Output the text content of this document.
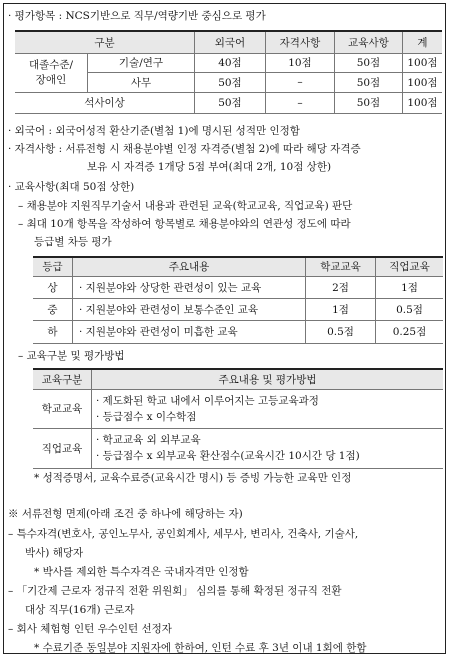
· 평가항목 : NCS기반으로 직무/역량기반 중심으로 평가
구분		외국어	자격사항	교육사항	계
대졸수준/
장애인	기술/연구	40점	10점	50점	100점
	사무	50점	–	50점	100점
석사이상		50점	–	50점	100점
· 외국어 : 외국어성적 환산기준(별첨 1)에 명시된 성적만 인정함
· 자격사항 : 서류전형 시 채용분야별 인정 자격증(별첨 2)에 따라 해당 자격증
보유 시 자격증 1개당 5점 부여(최대 2개, 10점 상한)
· 교육사항(최대 50점 상한)
– 채용분야 지원직무기술서 내용과 관련된 교육(학교교육, 직업교육) 판단
– 최대 10개 항목을 작성하여 항목별로 채용분야와의 연관성 정도에 따라
등급별 차등 평가
등급	주요내용	학교교육	직업교육
상	· 지원분야와 상당한 관련성이 있는 교육	2점	1점
중	· 지원분야와 관련성이 보통수준인 교육	1점	0.5점
하	· 지원분야와 관련성이 미흡한 교육	0.5점	0.25점
– 교육구분 및 평가방법
교육구분	주요내용 및 평가방법
학교교육	· 제도화된 학교 내에서 이루어지는 고등교육과정
· 등급점수 x 이수학점

직업교육	· 학교교육 외 외부교육
· 등급점수 x 외부교육 환산점수(교육시간 10시간 당 1점)
* 성적증명서, 교육수료증(교육시간 명시) 등 증빙 가능한 교육만 인정
※ 서류전형 면제(아래 조건 중 하나에 해당하는 자)
– 특수자격(변호사, 공인노무사, 공인회계사, 세무사, 변리사, 건축사, 기술사,
박사) 해당자
* 박사를 제외한 특수자격은 국내자격만 인정함
– 「기간제 근로자 정규직 전환 위원회」 심의를 통해 확정된 정규직 전환
대상 직무(16개) 근로자
– 회사 체험형 인턴 우수인턴 선정자
* 수료기준 동일분야 지원자에 한하여, 인턴 수료 후 3년 이내 1회에 한함
